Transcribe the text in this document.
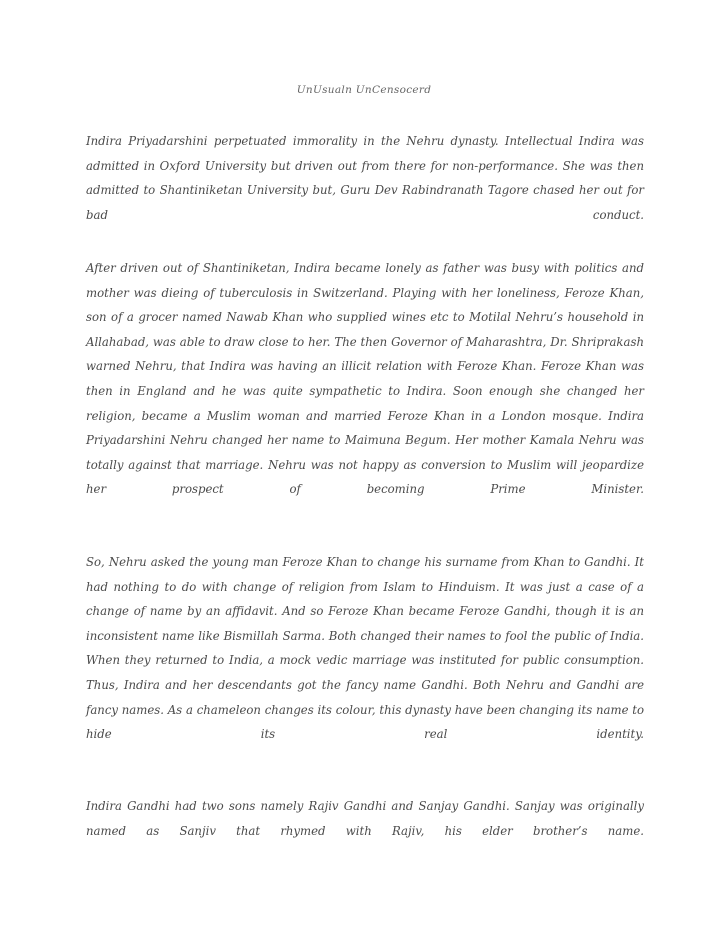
UnUsualn UnCensocerd

Indira Priyadarshini perpetuated immorality in the Nehru dynasty. Intellectual Indira was admitted in Oxford University but driven out from there for non-performance. She was then admitted to Shantiniketan University but, Guru Dev Rabindranath Tagore chased her out for bad conduct.

After driven out of Shantiniketan, Indira became lonely as father was busy with politics and mother was dieing of tuberculosis in Switzerland. Playing with her loneliness, Feroze Khan, son of a grocer named Nawab Khan who supplied wines etc to Motilal Nehru’s household in Allahabad, was able to draw close to her. The then Governor of Maharashtra, Dr. Shriprakash warned Nehru, that Indira was having an illicit relation with Feroze Khan. Feroze Khan was then in England and he was quite sympathetic to Indira. Soon enough she changed her religion, became a Muslim woman and married Feroze Khan in a London mosque. Indira Priyadarshini Nehru changed her name to Maimuna Begum. Her mother Kamala Nehru was totally against that marriage. Nehru was not happy as conversion to Muslim will jeopardize her prospect of becoming Prime Minister.

So, Nehru asked the young man Feroze Khan to change his surname from Khan to Gandhi. It had nothing to do with change of religion from Islam to Hinduism. It was just a case of a change of name by an affidavit. And so Feroze Khan became Feroze Gandhi, though it is an inconsistent name like Bismillah Sarma. Both changed their names to fool the public of India. When they returned to India, a mock vedic marriage was instituted for public consumption. Thus, Indira and her descendants got the fancy name Gandhi. Both Nehru and Gandhi are fancy names. As a chameleon changes its colour, this dynasty have been changing its name to hide its real identity.

Indira Gandhi had two sons namely Rajiv Gandhi and Sanjay Gandhi. Sanjay was originally named as Sanjiv that rhymed with Rajiv, his elder brother’s name.
